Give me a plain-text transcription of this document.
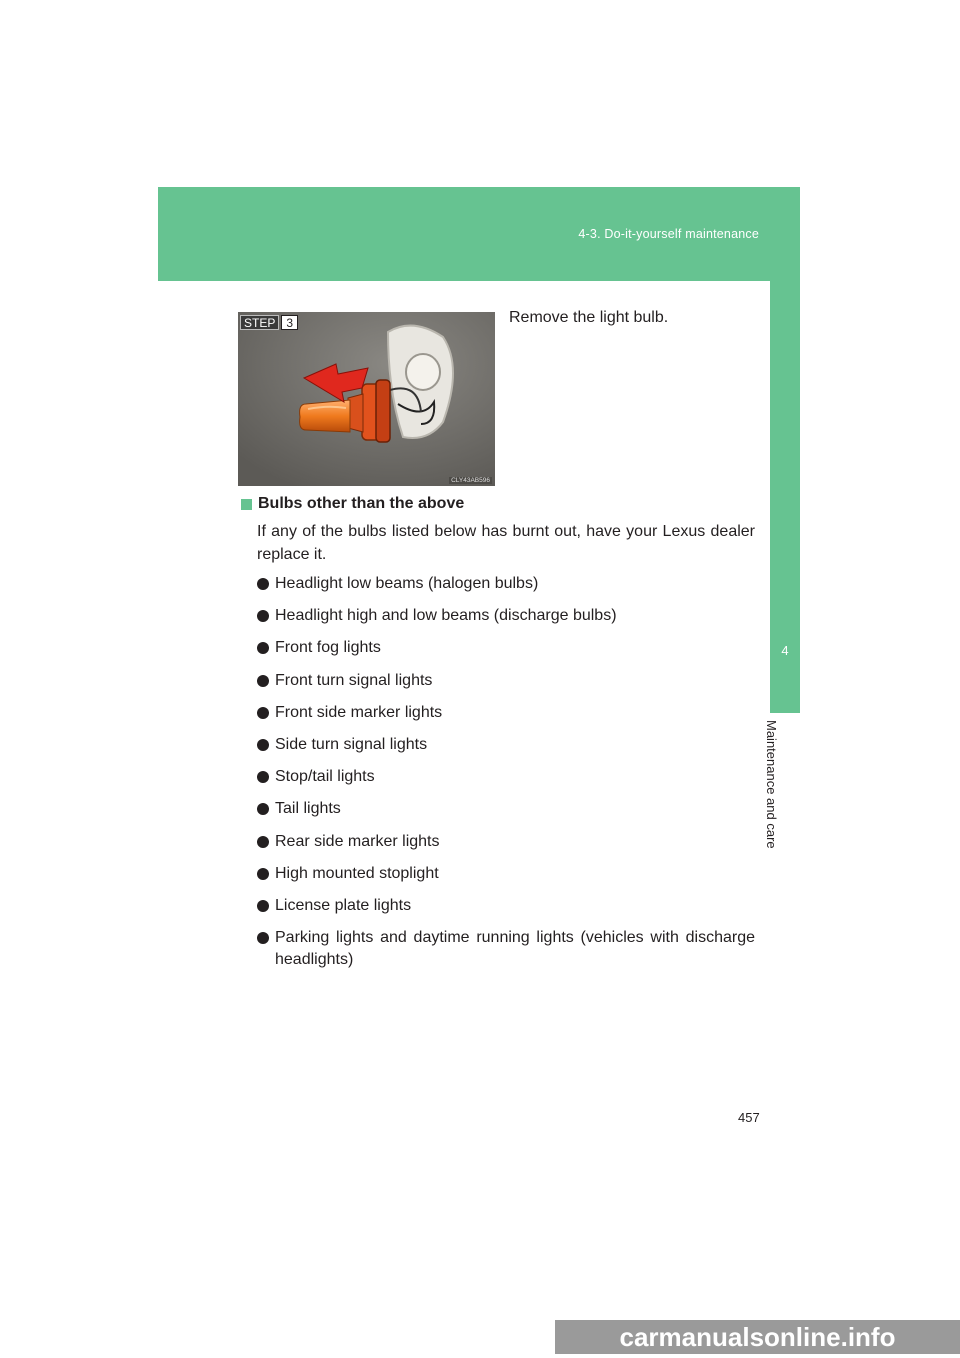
4-3. Do-it-yourself maintenance
4
Maintenance and care
STEP 3
CLY43AB596
Remove the light bulb.
Bulbs other than the above
If any of the bulbs listed below has burnt out, have your Lexus dealer replace it.
Headlight low beams (halogen bulbs)
Headlight high and low beams (discharge bulbs)
Front fog lights
Front turn signal lights
Front side marker lights
Side turn signal lights
Stop/tail lights
Tail lights
Rear side marker lights
High mounted stoplight
License plate lights
Parking lights and daytime running lights (vehicles with discharge headlights)
457
carmanualsonline.info
